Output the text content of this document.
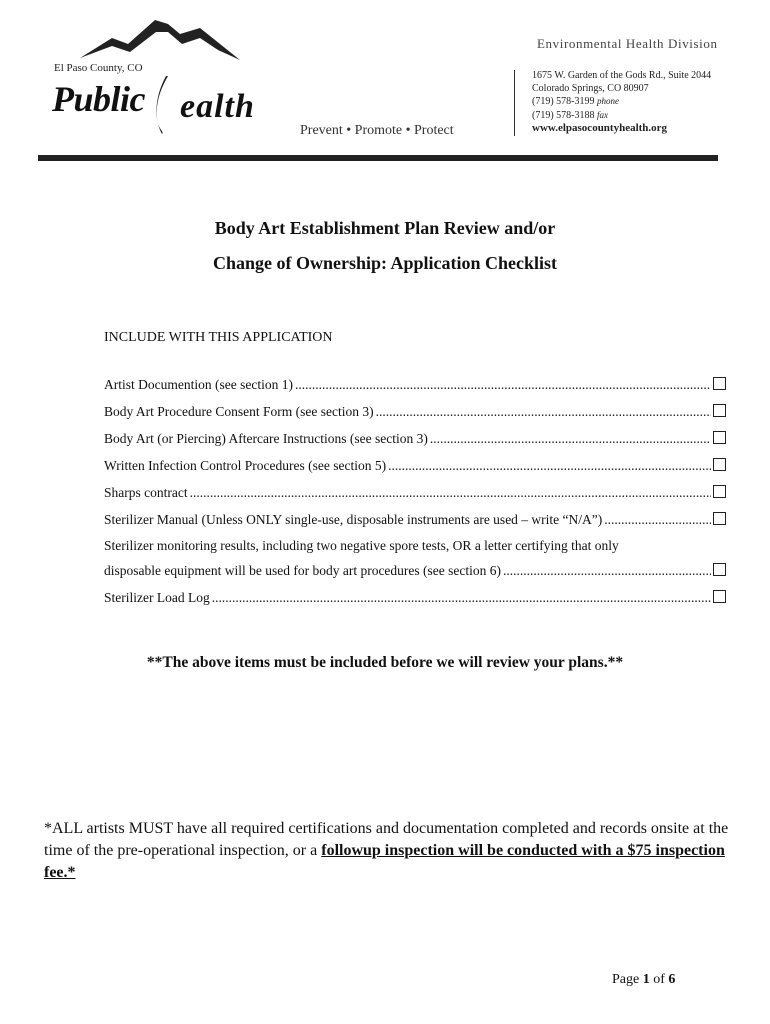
El Paso County, CO
Public ealth
Prevent • Promote • Protect
Environmental Health Division
1675 W. Garden of the Gods Rd., Suite 2044
Colorado Springs, CO 80907
(719) 578-3199 phone
(719) 578-3188 fax
www.elpasocountyhealth.org
Body Art Establishment Plan Review and/or
Change of Ownership: Application Checklist
INCLUDE WITH THIS APPLICATION
Artist Documention (see section 1)
.....
Body Art Procedure Consent Form (see section 3)
.....
Body Art (or Piercing) Aftercare Instructions (see section 3)
.....
Written Infection Control Procedures (see section 5)
.....
Sharps contract
.....
Sterilizer Manual (Unless ONLY single-use, disposable instruments are used – write “N/A”)
.....
Sterilizer monitoring results, including two negative spore tests, OR a letter certifying that only
disposable equipment will be used for body art procedures (see section 6)
.....
Sterilizer Load Log
.....
**The above items must be included before we will review your plans.**
*ALL artists MUST have all required certifications and documentation completed and records onsite at the time of the pre-operational inspection, or a followup inspection will be conducted with a $75 inspection fee.*
Page 1 of 6
